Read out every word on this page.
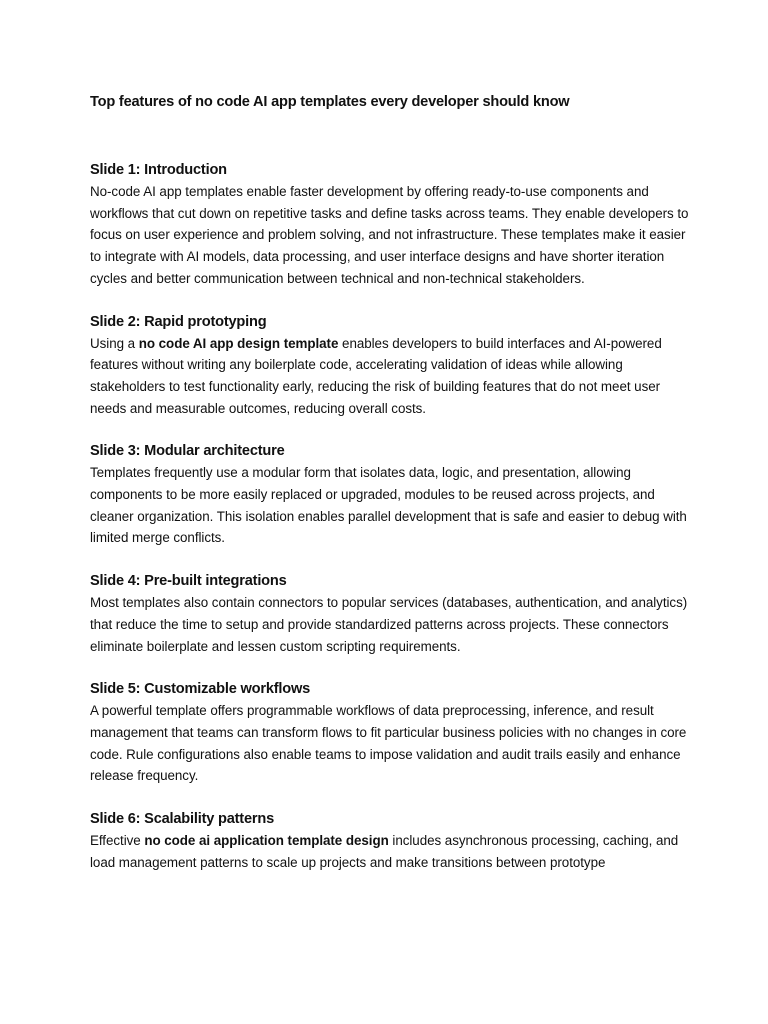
Top features of no code AI app templates every developer should know
Slide 1: Introduction

No-code AI app templates enable faster development by offering ready-to-use components and workflows that cut down on repetitive tasks and define tasks across teams. They enable developers to focus on user experience and problem solving, and not infrastructure. These templates make it easier to integrate with AI models, data processing, and user interface designs and have shorter iteration cycles and better communication between technical and non-technical stakeholders.

Slide 2: Rapid prototyping

Using a no code AI app design template enables developers to build interfaces and AI-powered features without writing any boilerplate code, accelerating validation of ideas while allowing stakeholders to test functionality early, reducing the risk of building features that do not meet user needs and measurable outcomes, reducing overall costs.

Slide 3: Modular architecture

Templates frequently use a modular form that isolates data, logic, and presentation, allowing components to be more easily replaced or upgraded, modules to be reused across projects, and cleaner organization. This isolation enables parallel development that is safe and easier to debug with limited merge conflicts.

Slide 4: Pre-built integrations

Most templates also contain connectors to popular services (databases, authentication, and analytics) that reduce the time to setup and provide standardized patterns across projects. These connectors eliminate boilerplate and lessen custom scripting requirements.

Slide 5: Customizable workflows

A powerful template offers programmable workflows of data preprocessing, inference, and result management that teams can transform flows to fit particular business policies with no changes in core code. Rule configurations also enable teams to impose validation and audit trails easily and enhance release frequency.

Slide 6: Scalability patterns

Effective no code ai application template design includes asynchronous processing, caching, and load management patterns to scale up projects and make transitions between prototype
